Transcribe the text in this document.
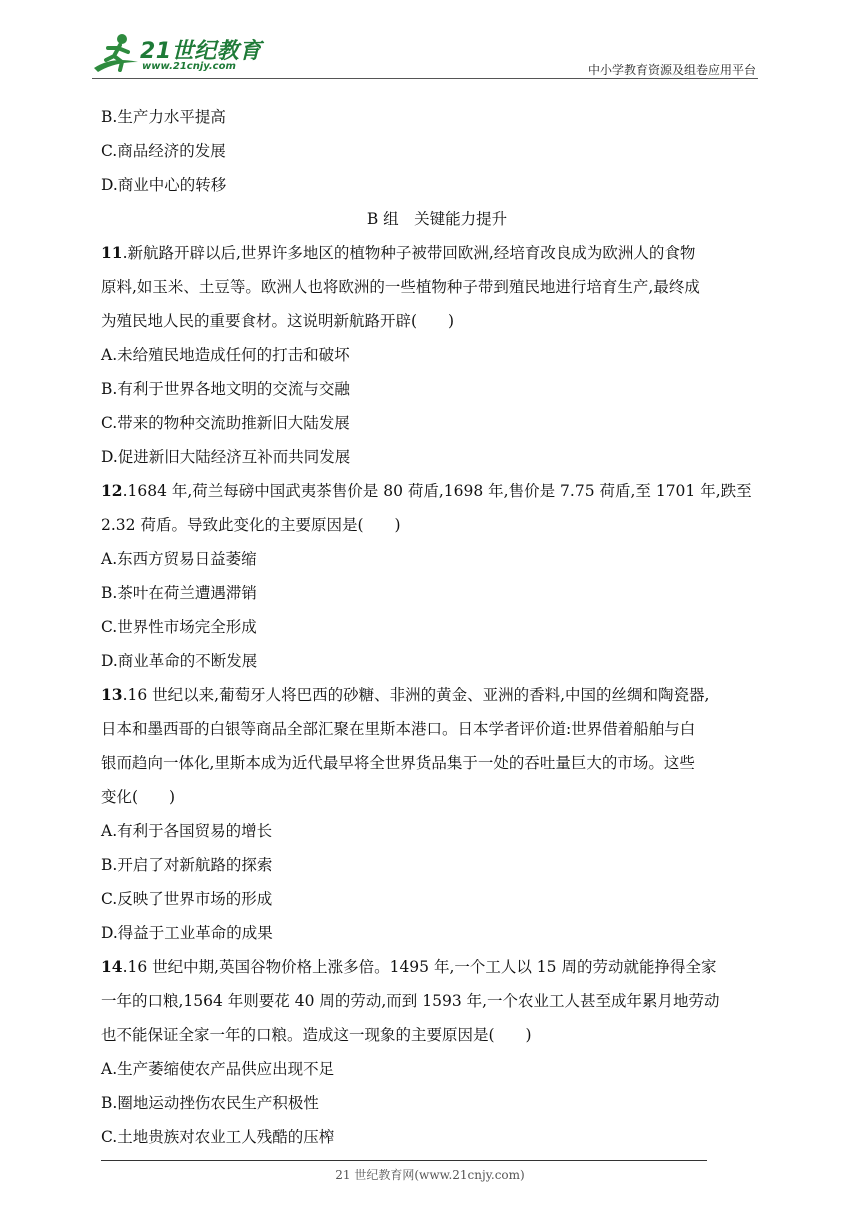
21世纪教育
www.21cnjy.com	中小学教育资源及组卷应用平台
B.生产力水平提高
C.商品经济的发展
D.商业中心的转移
B 组　关键能力提升
11.新航路开辟以后,世界许多地区的植物种子被带回欧洲,经培育改良成为欧洲人的食物
原料,如玉米、土豆等。欧洲人也将欧洲的一些植物种子带到殖民地进行培育生产,最终成
为殖民地人民的重要食材。这说明新航路开辟(　　)
A.未给殖民地造成任何的打击和破坏
B.有利于世界各地文明的交流与交融
C.带来的物种交流助推新旧大陆发展
D.促进新旧大陆经济互补而共同发展
12.1684 年,荷兰每磅中国武夷茶售价是 80 荷盾,1698 年,售价是 7.75 荷盾,至 1701 年,跌至
2.32 荷盾。导致此变化的主要原因是(　　)
A.东西方贸易日益萎缩
B.茶叶在荷兰遭遇滞销
C.世界性市场完全形成
D.商业革命的不断发展
13.16 世纪以来,葡萄牙人将巴西的砂糖、非洲的黄金、亚洲的香料,中国的丝绸和陶瓷器,
日本和墨西哥的白银等商品全部汇聚在里斯本港口。日本学者评价道:世界借着船舶与白
银而趋向一体化,里斯本成为近代最早将全世界货品集于一处的吞吐量巨大的市场。这些
变化(　　)
A.有利于各国贸易的增长
B.开启了对新航路的探索
C.反映了世界市场的形成
D.得益于工业革命的成果
14.16 世纪中期,英国谷物价格上涨多倍。1495 年,一个工人以 15 周的劳动就能挣得全家
一年的口粮,1564 年则要花 40 周的劳动,而到 1593 年,一个农业工人甚至成年累月地劳动
也不能保证全家一年的口粮。造成这一现象的主要原因是(　　)
A.生产萎缩使农产品供应出现不足
B.圈地运动挫伤农民生产积极性
C.土地贵族对农业工人残酷的压榨
21 世纪教育网(www.21cnjy.com)
